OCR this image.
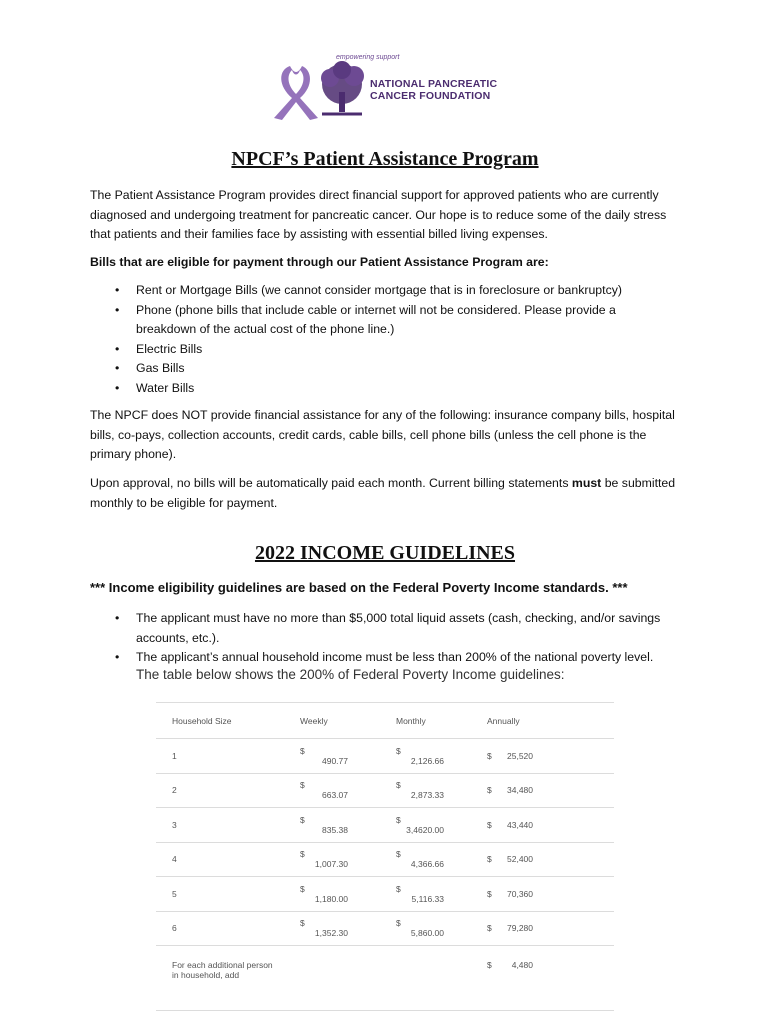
NATIONAL PANCREATIC
CANCER FOUNDATION
empowering support
NPCF’s Patient Assistance Program

The Patient Assistance Program provides direct financial support for approved patients who are currently diagnosed and undergoing treatment for pancreatic cancer. Our hope is to reduce some of the daily stress that patients and their families face by assisting with essential billed living expenses.

Bills that are eligible for payment through our Patient Assistance Program are:

• Rent or Mortgage Bills (we cannot consider mortgage that is in foreclosure or bankruptcy)
• Phone (phone bills that include cable or internet will not be considered. Please provide a breakdown of the actual cost of the phone line.)
• Electric Bills
• Gas Bills
• Water Bills

The NPCF does NOT provide financial assistance for any of the following: insurance company bills, hospital bills, co-pays, collection accounts, credit cards, cable bills, cell phone bills (unless the cell phone is the primary phone).

Upon approval, no bills will be automatically paid each month. Current billing statements must be submitted monthly to be eligible for payment.

2022 INCOME GUIDELINES

*** Income eligibility guidelines are based on the Federal Poverty Income standards. ***

• The applicant must have no more than $5,000 total liquid assets (cash, checking, and/or savings accounts, etc.).
• The applicant’s annual household income must be less than 200% of the national poverty level.

The table below shows the 200% of Federal Poverty Income guidelines:

Household Size	Weekly	Monthly	Annually
1	$490.77	$2,126.66	$ 25,520
2	$663.07	$2,873.33	$ 34,480
3	$835.38	$3,4620.00	$ 43,440
4	$1,007.30	$4,366.66	$ 52,400
5	$1,180.00	$5,116.33	$ 70,360
6	$1,352.30	$5,860.00	$ 79,280
For each additional person
in household, add			$ 4,480
